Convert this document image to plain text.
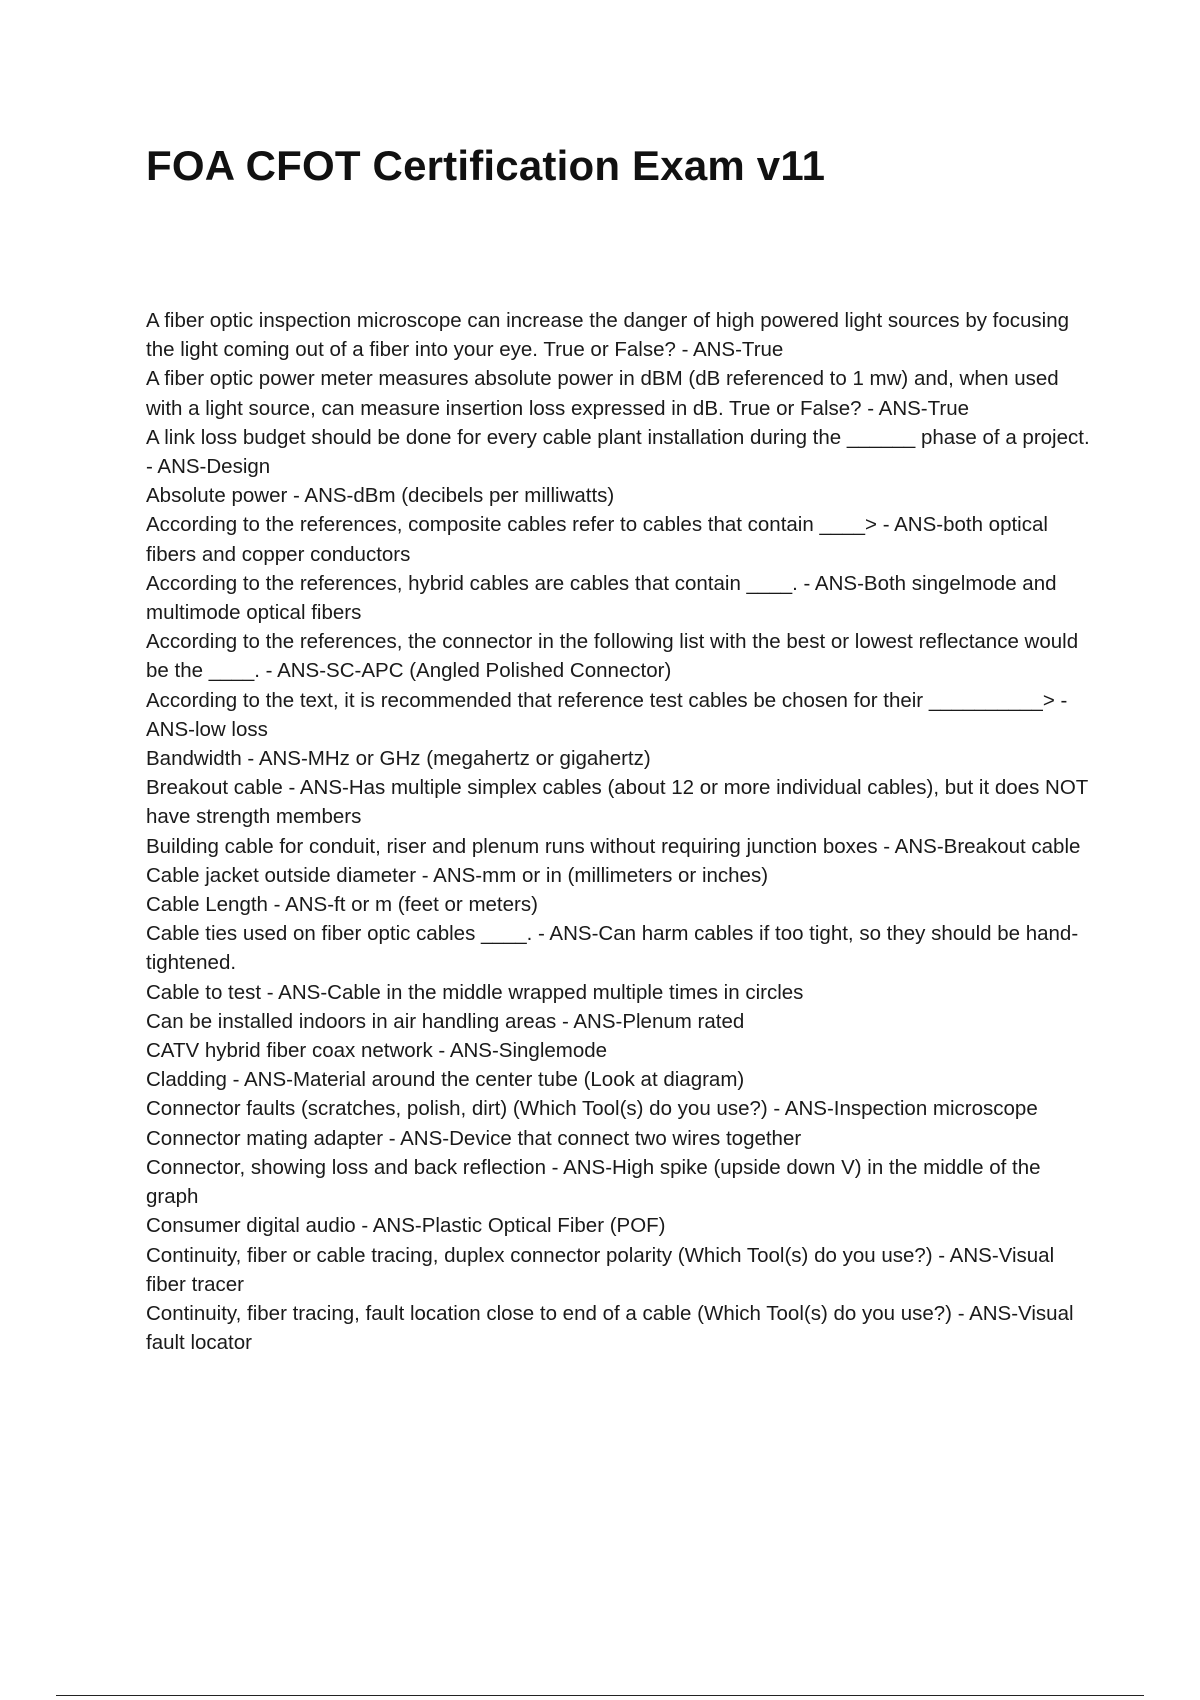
FOA CFOT Certification Exam v11
A fiber optic inspection microscope can increase the danger of high powered light sources by focusing the light coming out of a fiber into your eye. True or False? - ANS-True
A fiber optic power meter measures absolute power in dBM (dB referenced to 1 mw) and, when used with a light source, can measure insertion loss expressed in dB. True or False? - ANS-True
A link loss budget should be done for every cable plant installation during the ______ phase of a project. - ANS-Design
Absolute power - ANS-dBm (decibels per milliwatts)
According to the references, composite cables refer to cables that contain ____> - ANS-both optical fibers and copper conductors
According to the references, hybrid cables are cables that contain ____. - ANS-Both singelmode and multimode optical fibers
According to the references, the connector in the following list with the best or lowest reflectance would be the ____. - ANS-SC-APC (Angled Polished Connector)
According to the text, it is recommended that reference test cables be chosen for their __________> - ANS-low loss
Bandwidth - ANS-MHz or GHz (megahertz or gigahertz)
Breakout cable - ANS-Has multiple simplex cables (about 12 or more individual cables), but it does NOT have strength members
Building cable for conduit, riser and plenum runs without requiring junction boxes - ANS-Breakout cable
Cable jacket outside diameter - ANS-mm or in (millimeters or inches)
Cable Length - ANS-ft or m (feet or meters)
Cable ties used on fiber optic cables ____. - ANS-Can harm cables if too tight, so they should be hand-tightened.
Cable to test - ANS-Cable in the middle wrapped multiple times in circles
Can be installed indoors in air handling areas - ANS-Plenum rated
CATV hybrid fiber coax network - ANS-Singlemode
Cladding - ANS-Material around the center tube (Look at diagram)
Connector faults (scratches, polish, dirt) (Which Tool(s) do you use?) - ANS-Inspection microscope
Connector mating adapter - ANS-Device that connect two wires together
Connector, showing loss and back reflection - ANS-High spike (upside down V) in the middle of the graph
Consumer digital audio - ANS-Plastic Optical Fiber (POF)
Continuity, fiber or cable tracing, duplex connector polarity (Which Tool(s) do you use?) - ANS-Visual fiber tracer
Continuity, fiber tracing, fault location close to end of a cable (Which Tool(s) do you use?) - ANS-Visual fault locator
